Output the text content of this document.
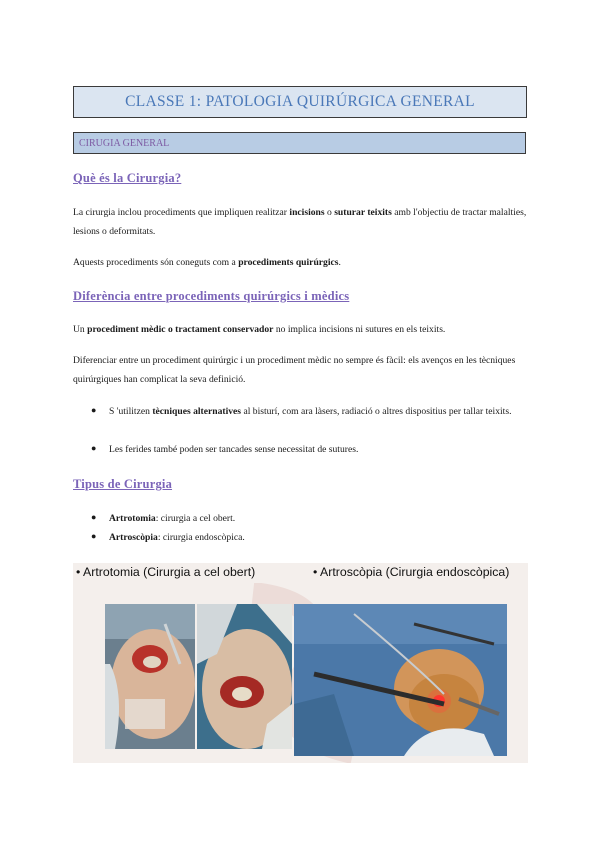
CLASSE 1: PATOLOGIA QUIRÚRGICA GENERAL
CIRUGIA GENERAL
Què és la Cirurgia?
La cirurgia inclou procediments que impliquen realitzar incisions o suturar teixits amb l'objectiu de tractar malalties, lesions o deformitats.
Aquests procediments són coneguts com a procediments quirúrgics.
Diferència entre procediments quirúrgics i mèdics
Un procediment mèdic o tractament conservador no implica incisions ni sutures en els teixits.
Diferenciar entre un procediment quirúrgic i un procediment mèdic no sempre és fàcil: els avenços en les tècniques quirúrgiques han complicat la seva definició.
● S 'utilitzen tècniques alternatives al bisturí, com ara làsers, radiació o altres dispositius per tallar teixits.
● Les ferides també poden ser tancades sense necessitat de sutures.
Tipus de Cirurgia
● Artrotomia: cirurgia a cel obert.
● Artroscòpia: cirurgia endoscòpica.
• Artrotomia (Cirurgia a cel obert)	• Artroscòpia (Cirurgia endoscòpica)
